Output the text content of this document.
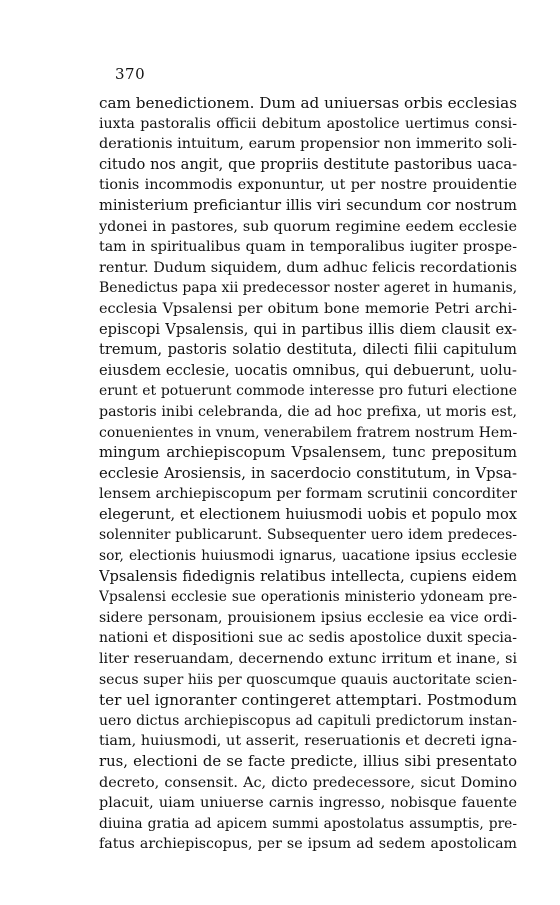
370
cam benedictionem. Dum ad uniuersas orbis ecclesias
iuxta pastoralis officii debitum apostolice uertimus consi-
derationis intuitum, earum propensior non immerito soli-
citudo nos angit, que propriis destitute pastoribus uaca-
tionis incommodis exponuntur, ut per nostre prouidentie
ministerium preficiantur illis viri secundum cor nostrum
ydonei in pastores, sub quorum regimine eedem ecclesie
tam in spiritualibus quam in temporalibus iugiter prospe-
rentur. Dudum siquidem, dum adhuc felicis recordationis
Benedictus papa xii predecessor noster ageret in humanis,
ecclesia Vpsalensi per obitum bone memorie Petri archi-
episcopi Vpsalensis, qui in partibus illis diem clausit ex-
tremum, pastoris solatio destituta, dilecti filii capitulum
eiusdem ecclesie, uocatis omnibus, qui debuerunt, uolu-
erunt et potuerunt commode interesse pro futuri electione
pastoris inibi celebranda, die ad hoc prefixa, ut moris est,
conuenientes in vnum, venerabilem fratrem nostrum Hem-
mingum archiepiscopum Vpsalensem, tunc prepositum
ecclesie Arosiensis, in sacerdocio constitutum, in Vpsa-
lensem archiepiscopum per formam scrutinii concorditer
elegerunt, et electionem huiusmodi uobis et populo mox
solenniter publicarunt. Subsequenter uero idem predeces-
sor, electionis huiusmodi ignarus, uacatione ipsius ecclesie
Vpsalensis fidedignis relatibus intellecta, cupiens eidem
Vpsalensi ecclesie sue operationis ministerio ydoneam pre-
sidere personam, prouisionem ipsius ecclesie ea vice ordi-
nationi et dispositioni sue ac sedis apostolice duxit specia-
liter reseruandam, decernendo extunc irritum et inane, si
secus super hiis per quoscumque quauis auctoritate scien-
ter uel ignoranter contingeret attemptari. Postmodum
uero dictus archiepiscopus ad capituli predictorum instan-
tiam, huiusmodi, ut asserit, reseruationis et decreti igna-
rus, electioni de se facte predicte, illius sibi presentato
decreto, consensit. Ac, dicto predecessore, sicut Domino
placuit, uiam uniuerse carnis ingresso, nobisque fauente
diuina gratia ad apicem summi apostolatus assumptis, pre-
fatus archiepiscopus, per se ipsum ad sedem apostolicam
